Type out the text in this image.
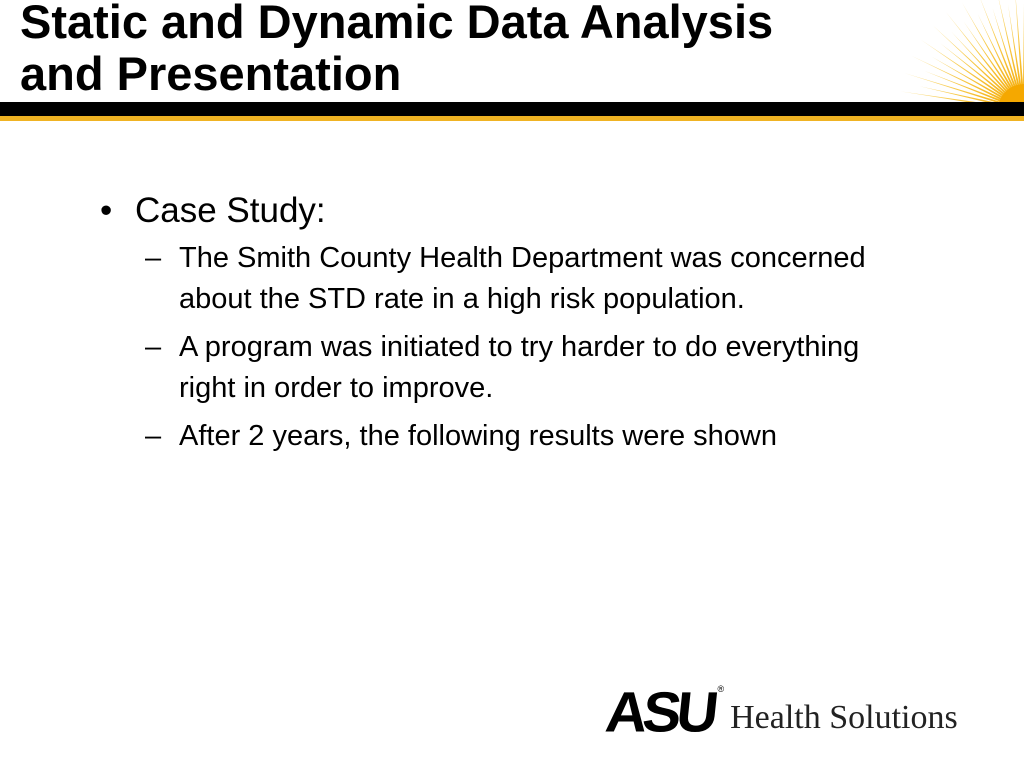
Static and Dynamic Data Analysis
and Presentation
• Case Study:
– The Smith County Health Department was concerned about the STD rate in a high risk population.
– A program was initiated to try harder to do everything right in order to improve.
– After 2 years, the following results were shown
ASU ®
Health Solutions
